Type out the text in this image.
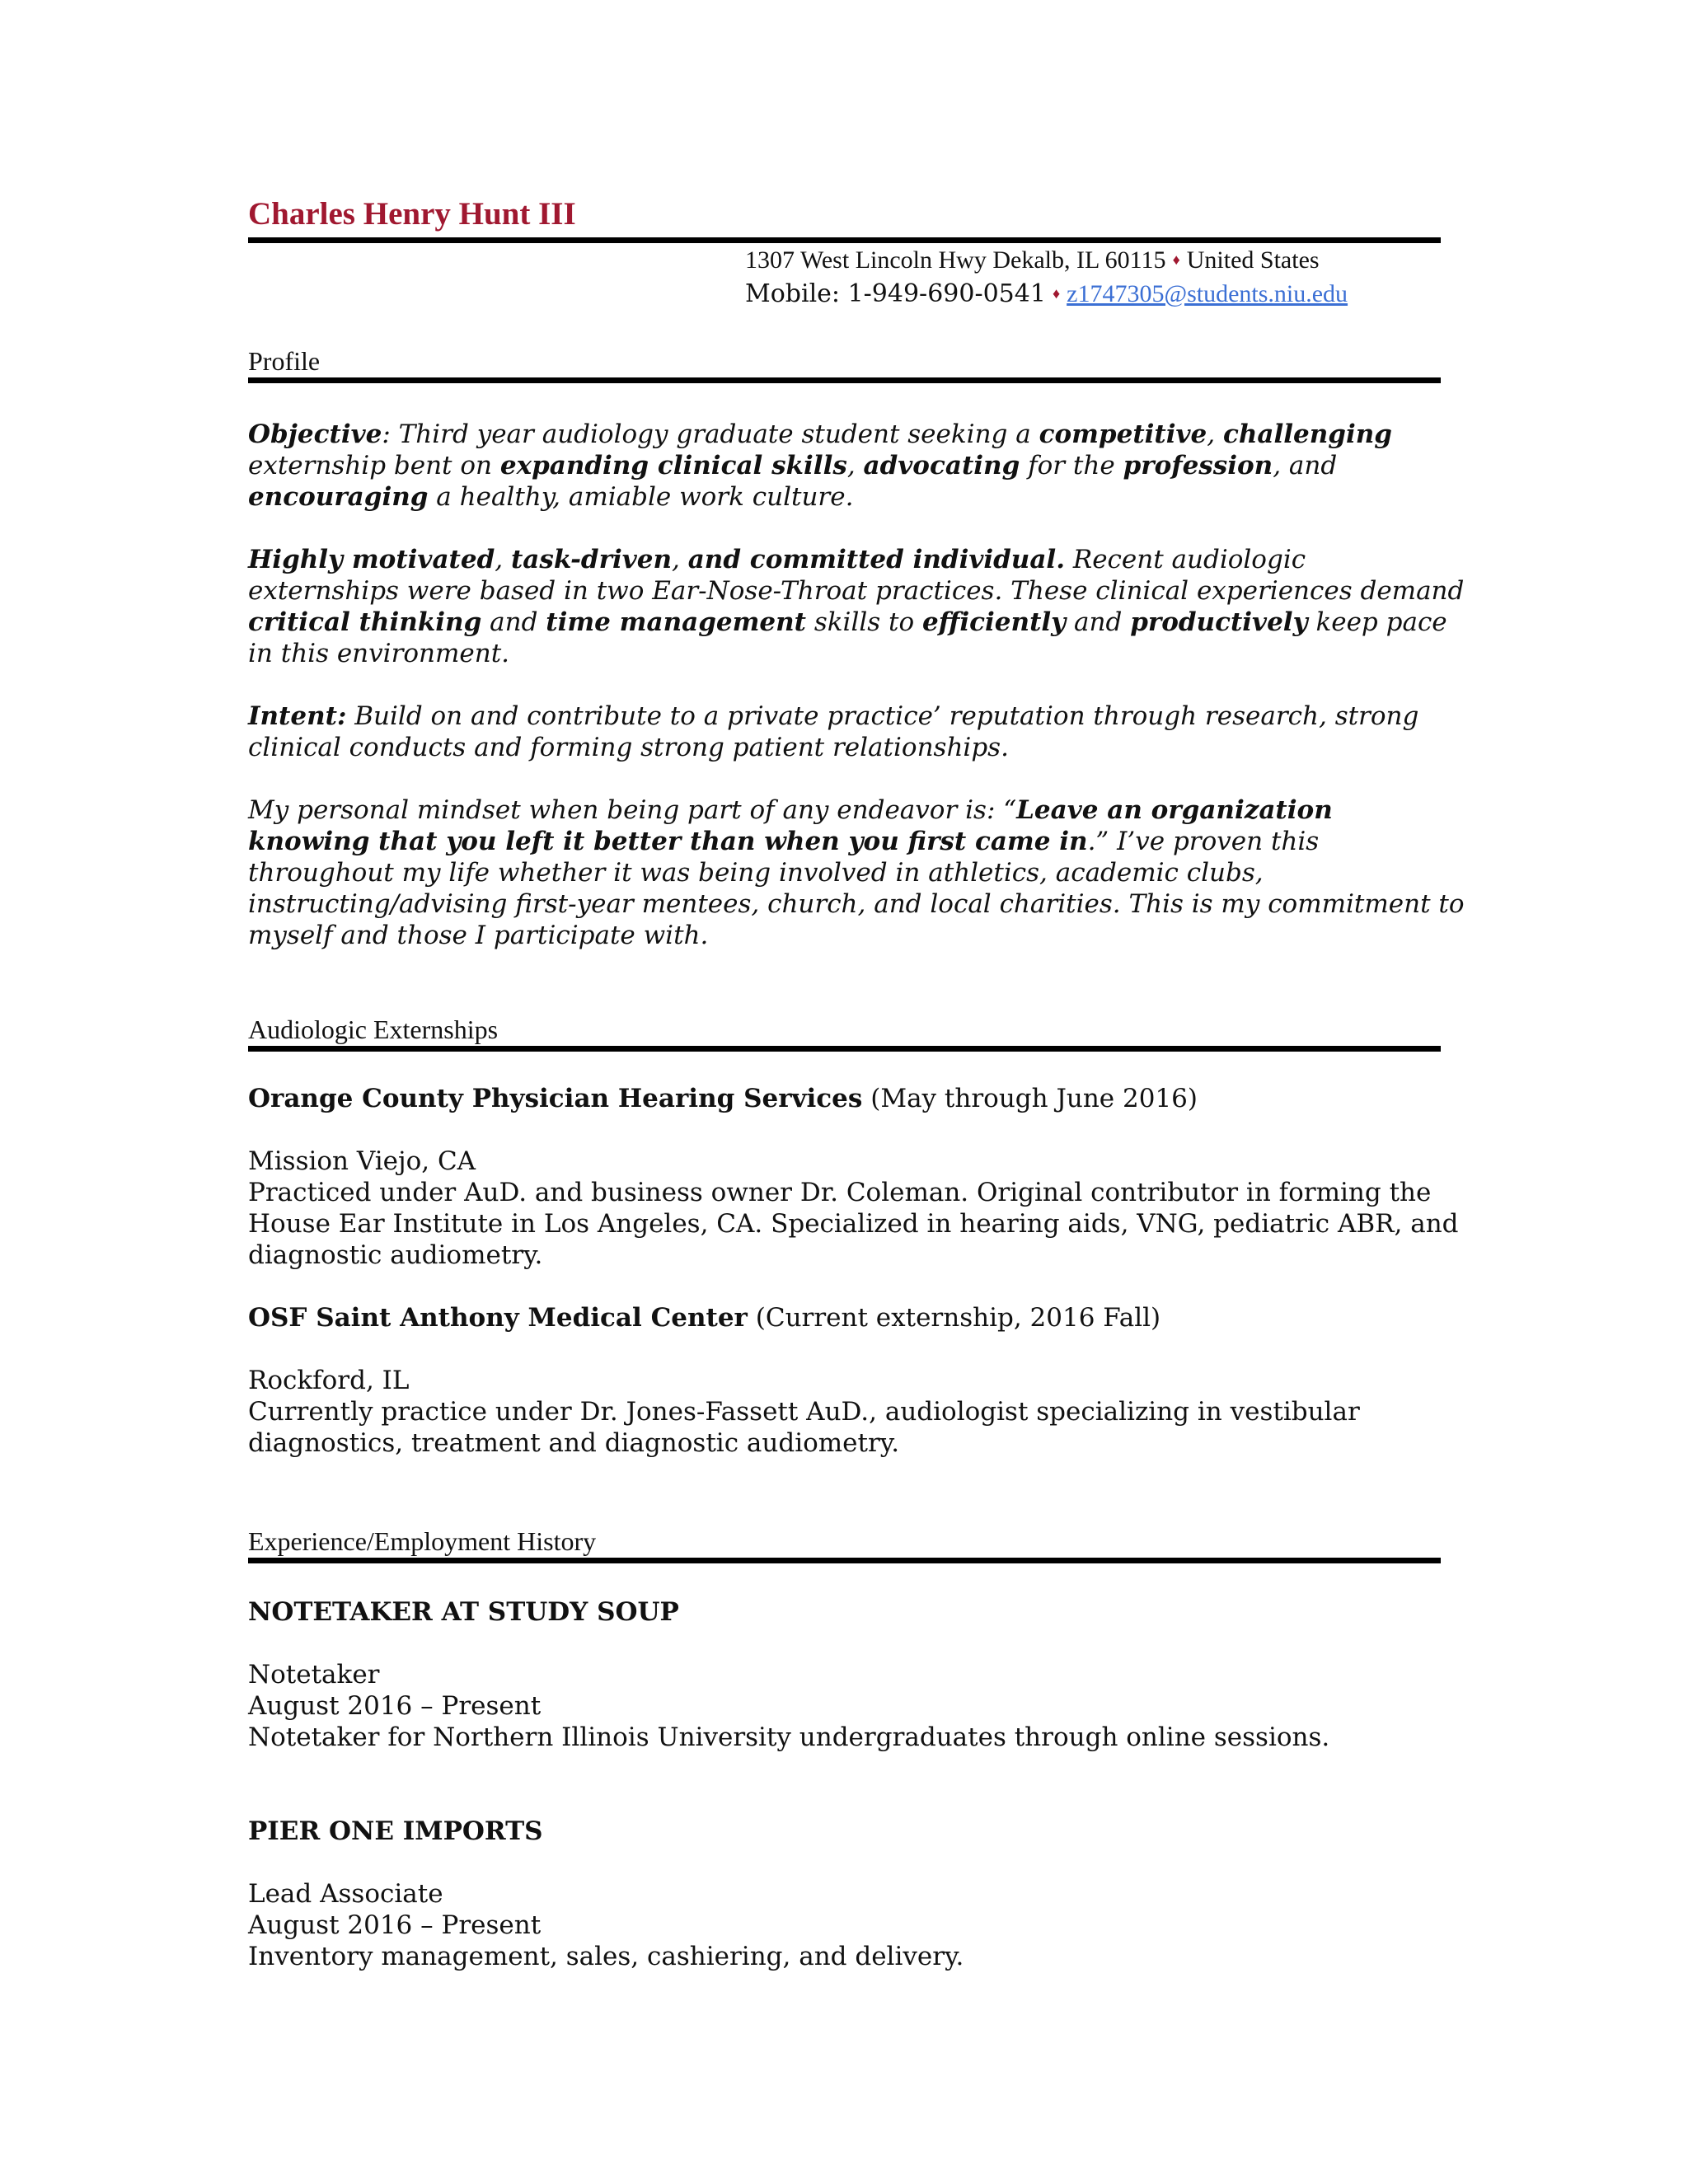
Charles Henry Hunt III
1307 West Lincoln Hwy Dekalb, IL 60115 ♦ United States
Mobile: 1-949-690-0541 ♦ z1747305@students.niu.edu
Profile

Objective: Third year audiology graduate student seeking a competitive, challenging
externship bent on expanding clinical skills, advocating for the profession, and
encouraging a healthy, amiable work culture.

Highly motivated, task-driven, and committed individual. Recent audiologic
externships were based in two Ear-Nose-Throat practices. These clinical experiences demand
critical thinking and time management skills to efficiently and productively keep pace
in this environment.

Intent: Build on and contribute to a private practice’ reputation through research, strong
clinical conducts and forming strong patient relationships.

My personal mindset when being part of any endeavor is: “Leave an organization
knowing that you left it better than when you first came in.” I’ve proven this
throughout my life whether it was being involved in athletics, academic clubs,
instructing/advising first-year mentees, church, and local charities. This is my commitment to
myself and those I participate with.

Audiologic Externships
Orange County Physician Hearing Services (May through June 2016)
Mission Viejo, CA
Practiced under AuD. and business owner Dr. Coleman. Original contributor in forming the
House Ear Institute in Los Angeles, CA. Specialized in hearing aids, VNG, pediatric ABR, and
diagnostic audiometry.
OSF Saint Anthony Medical Center (Current externship, 2016 Fall)
Rockford, IL
Currently practice under Dr. Jones-Fassett AuD., audiologist specializing in vestibular
diagnostics, treatment and diagnostic audiometry.
Experience/Employment History
NOTETAKER AT STUDY SOUP
Notetaker
August 2016 – Present
Notetaker for Northern Illinois University undergraduates through online sessions.
PIER ONE IMPORTS
Lead Associate
August 2016 – Present
Inventory management, sales, cashiering, and delivery.
